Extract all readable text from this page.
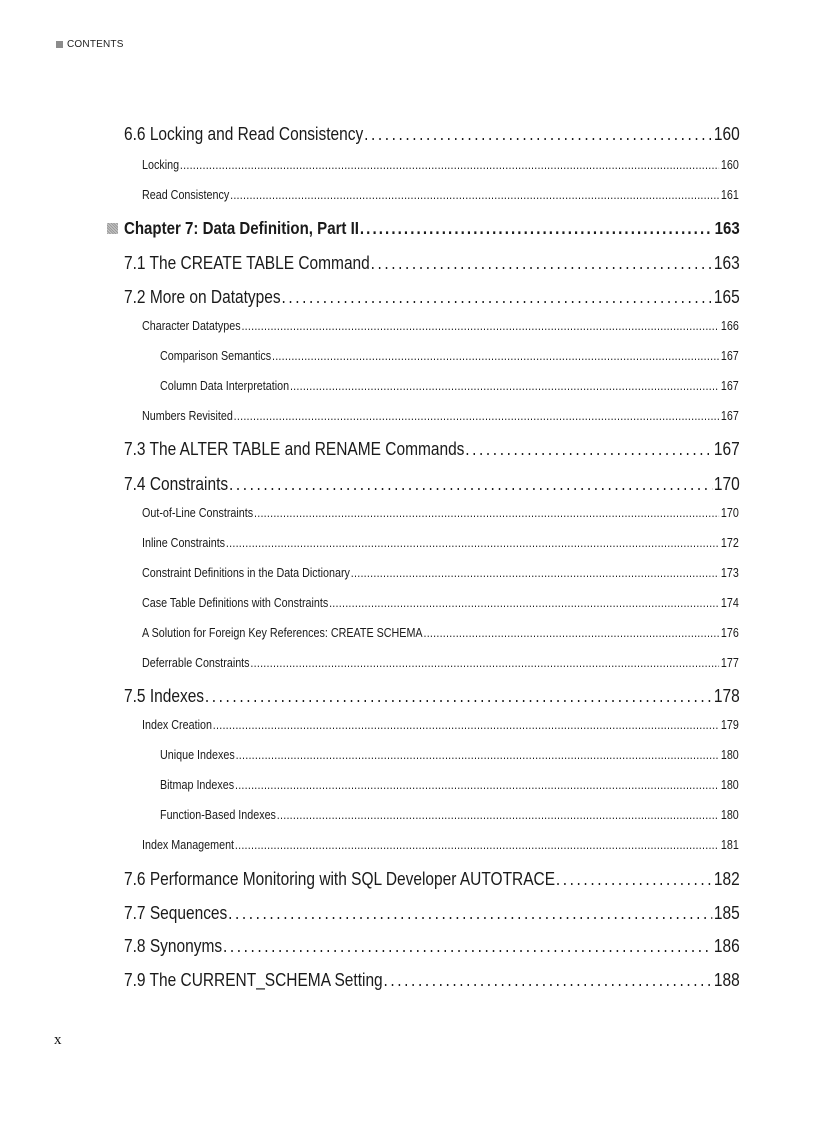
CONTENTS
6.6 Locking and Read Consistency . . .	160
Locking . . .	160
Read Consistency . . .	161
Chapter 7: Data Definition, Part II . . .	163
7.1 The CREATE TABLE Command . . .	163
7.2 More on Datatypes . . .	165
Character Datatypes . . .	166
Comparison Semantics . . .	167
Column Data Interpretation . . .	167
Numbers Revisited . . .	167
7.3 The ALTER TABLE and RENAME Commands . . .	167
7.4 Constraints . . .	170
Out-of-Line Constraints . . .	170
Inline Constraints . . .	172
Constraint Definitions in the Data Dictionary . . .	173
Case Table Definitions with Constraints . . .	174
A Solution for Foreign Key References: CREATE SCHEMA . . .	176
Deferrable Constraints . . .	177
7.5 Indexes . . .	178
Index Creation . . .	179
Unique Indexes . . .	180
Bitmap Indexes . . .	180
Function-Based Indexes . . .	180
Index Management . . .	181
7.6 Performance Monitoring with SQL Developer AUTOTRACE . . .	182
7.7 Sequences . . .	185
7.8 Synonyms . . .	186
7.9 The CURRENT_SCHEMA Setting . . .	188
x
